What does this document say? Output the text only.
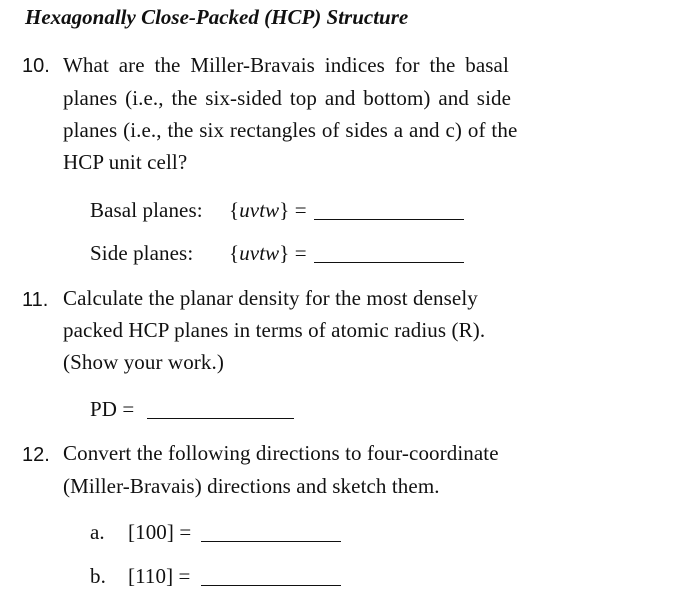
Hexagonally Close-Packed (HCP) Structure
10. What are the Miller-Bravais indices for the basal
planes (i.e., the six-sided top and bottom) and side
planes (i.e., the six rectangles of sides a and c) of the
HCP unit cell?
Basal planes: {uvtw} =
Side planes: {uvtw} =
11. Calculate the planar density for the most densely
packed HCP planes in terms of atomic radius (R).
(Show your work.)
PD =
12. Convert the following directions to four-coordinate
(Miller-Bravais) directions and sketch them.
a. [100] =
b. [110] =
